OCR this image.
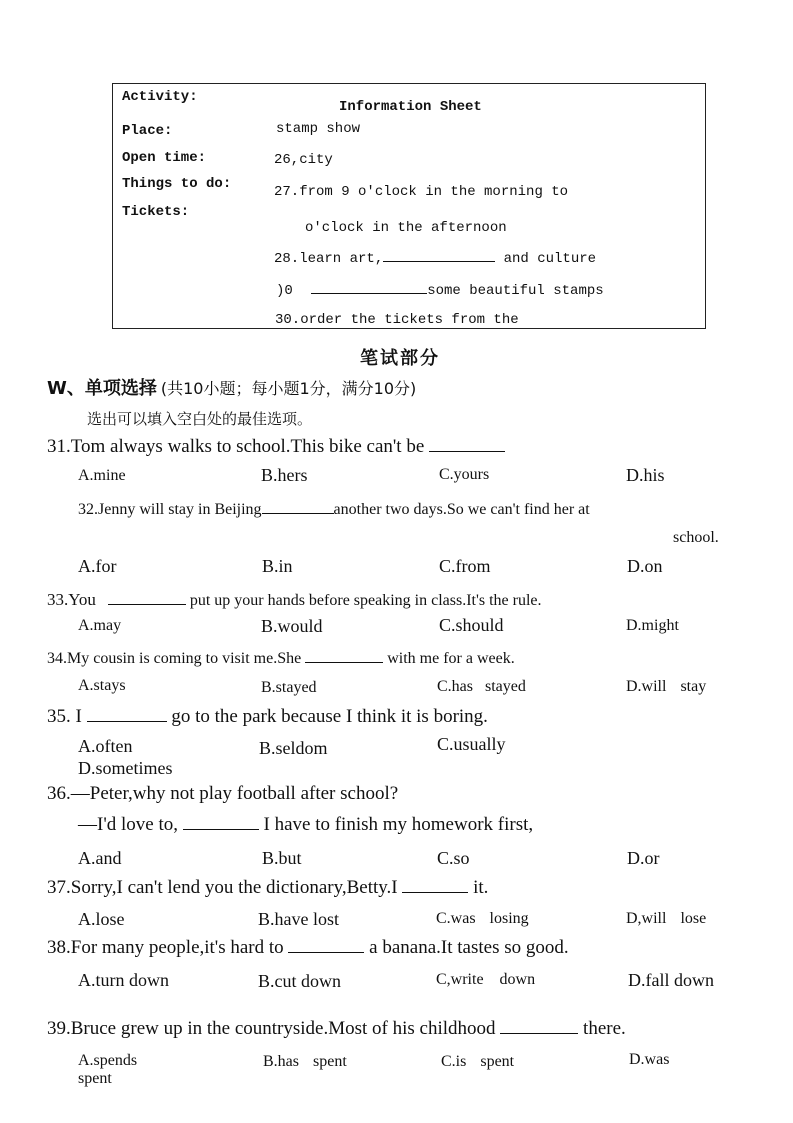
Activity:
Information Sheet
Place:	stamp show
Open time:	26,city
Things to do:	27.from 9 o'clock in the morning to
Tickets:
o'clock in the afternoon
28.learn art,	and culture
)0	some beautiful stamps
30.order the tickets from the
笔试部分
W、单项选择 (共10小题；每小题1分，满分10分)
选出可以填入空白处的最佳选项。
31.Tom always walks to school.This bike can't be
A.mine	B.hers	C.yours	D.his
32.Jenny will stay in Beijing	another two days.So we can't find her at
school.
A.for	B.in	C.from	D.on
33.You	put up your hands before speaking in class.It's the rule.
A.may	B.would	C.should	D.might
34.My cousin is coming to visit me.She	with me for a week.
A.stays	B.stayed	C.has stayed	D.will stay
35. I	go to the park because I think it is boring.
A.often	B.seldom	C.usually
D.sometimes
36.—Peter,why not play football after school?
—I'd love to,	I have to finish my homework first,
A.and	B.but	C.so	D.or
37.Sorry,I can't lend you the dictionary,Betty.I	it.
A.lose	B.have lost	C.was losing	D,will lose
38.For many people,it's hard to	a banana.It tastes so good.
A.turn down	B.cut down	C,write down	D.fall down
39.Bruce grew up in the countryside.Most of his childhood	there.
A.spends spent
B.has spent	C.is spent	D.was
